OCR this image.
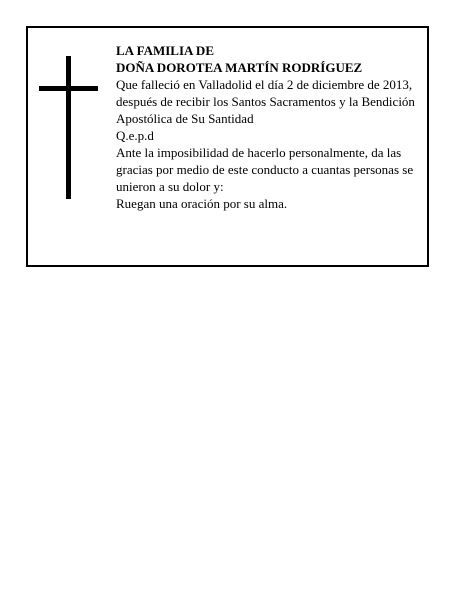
LA FAMILIA DE

DOÑA DOROTEA MARTÍN RODRÍGUEZ

Que falleció en Valladolid el día 2 de diciembre de 2013, después de recibir los Santos Sacramentos y la Bendición Apostólica de Su Santidad

Q.e.p.d

Ante la imposibilidad de hacerlo personalmente, da las gracias por medio de este conducto a cuantas personas se unieron a su dolor y:

Ruegan una oración por su alma.
